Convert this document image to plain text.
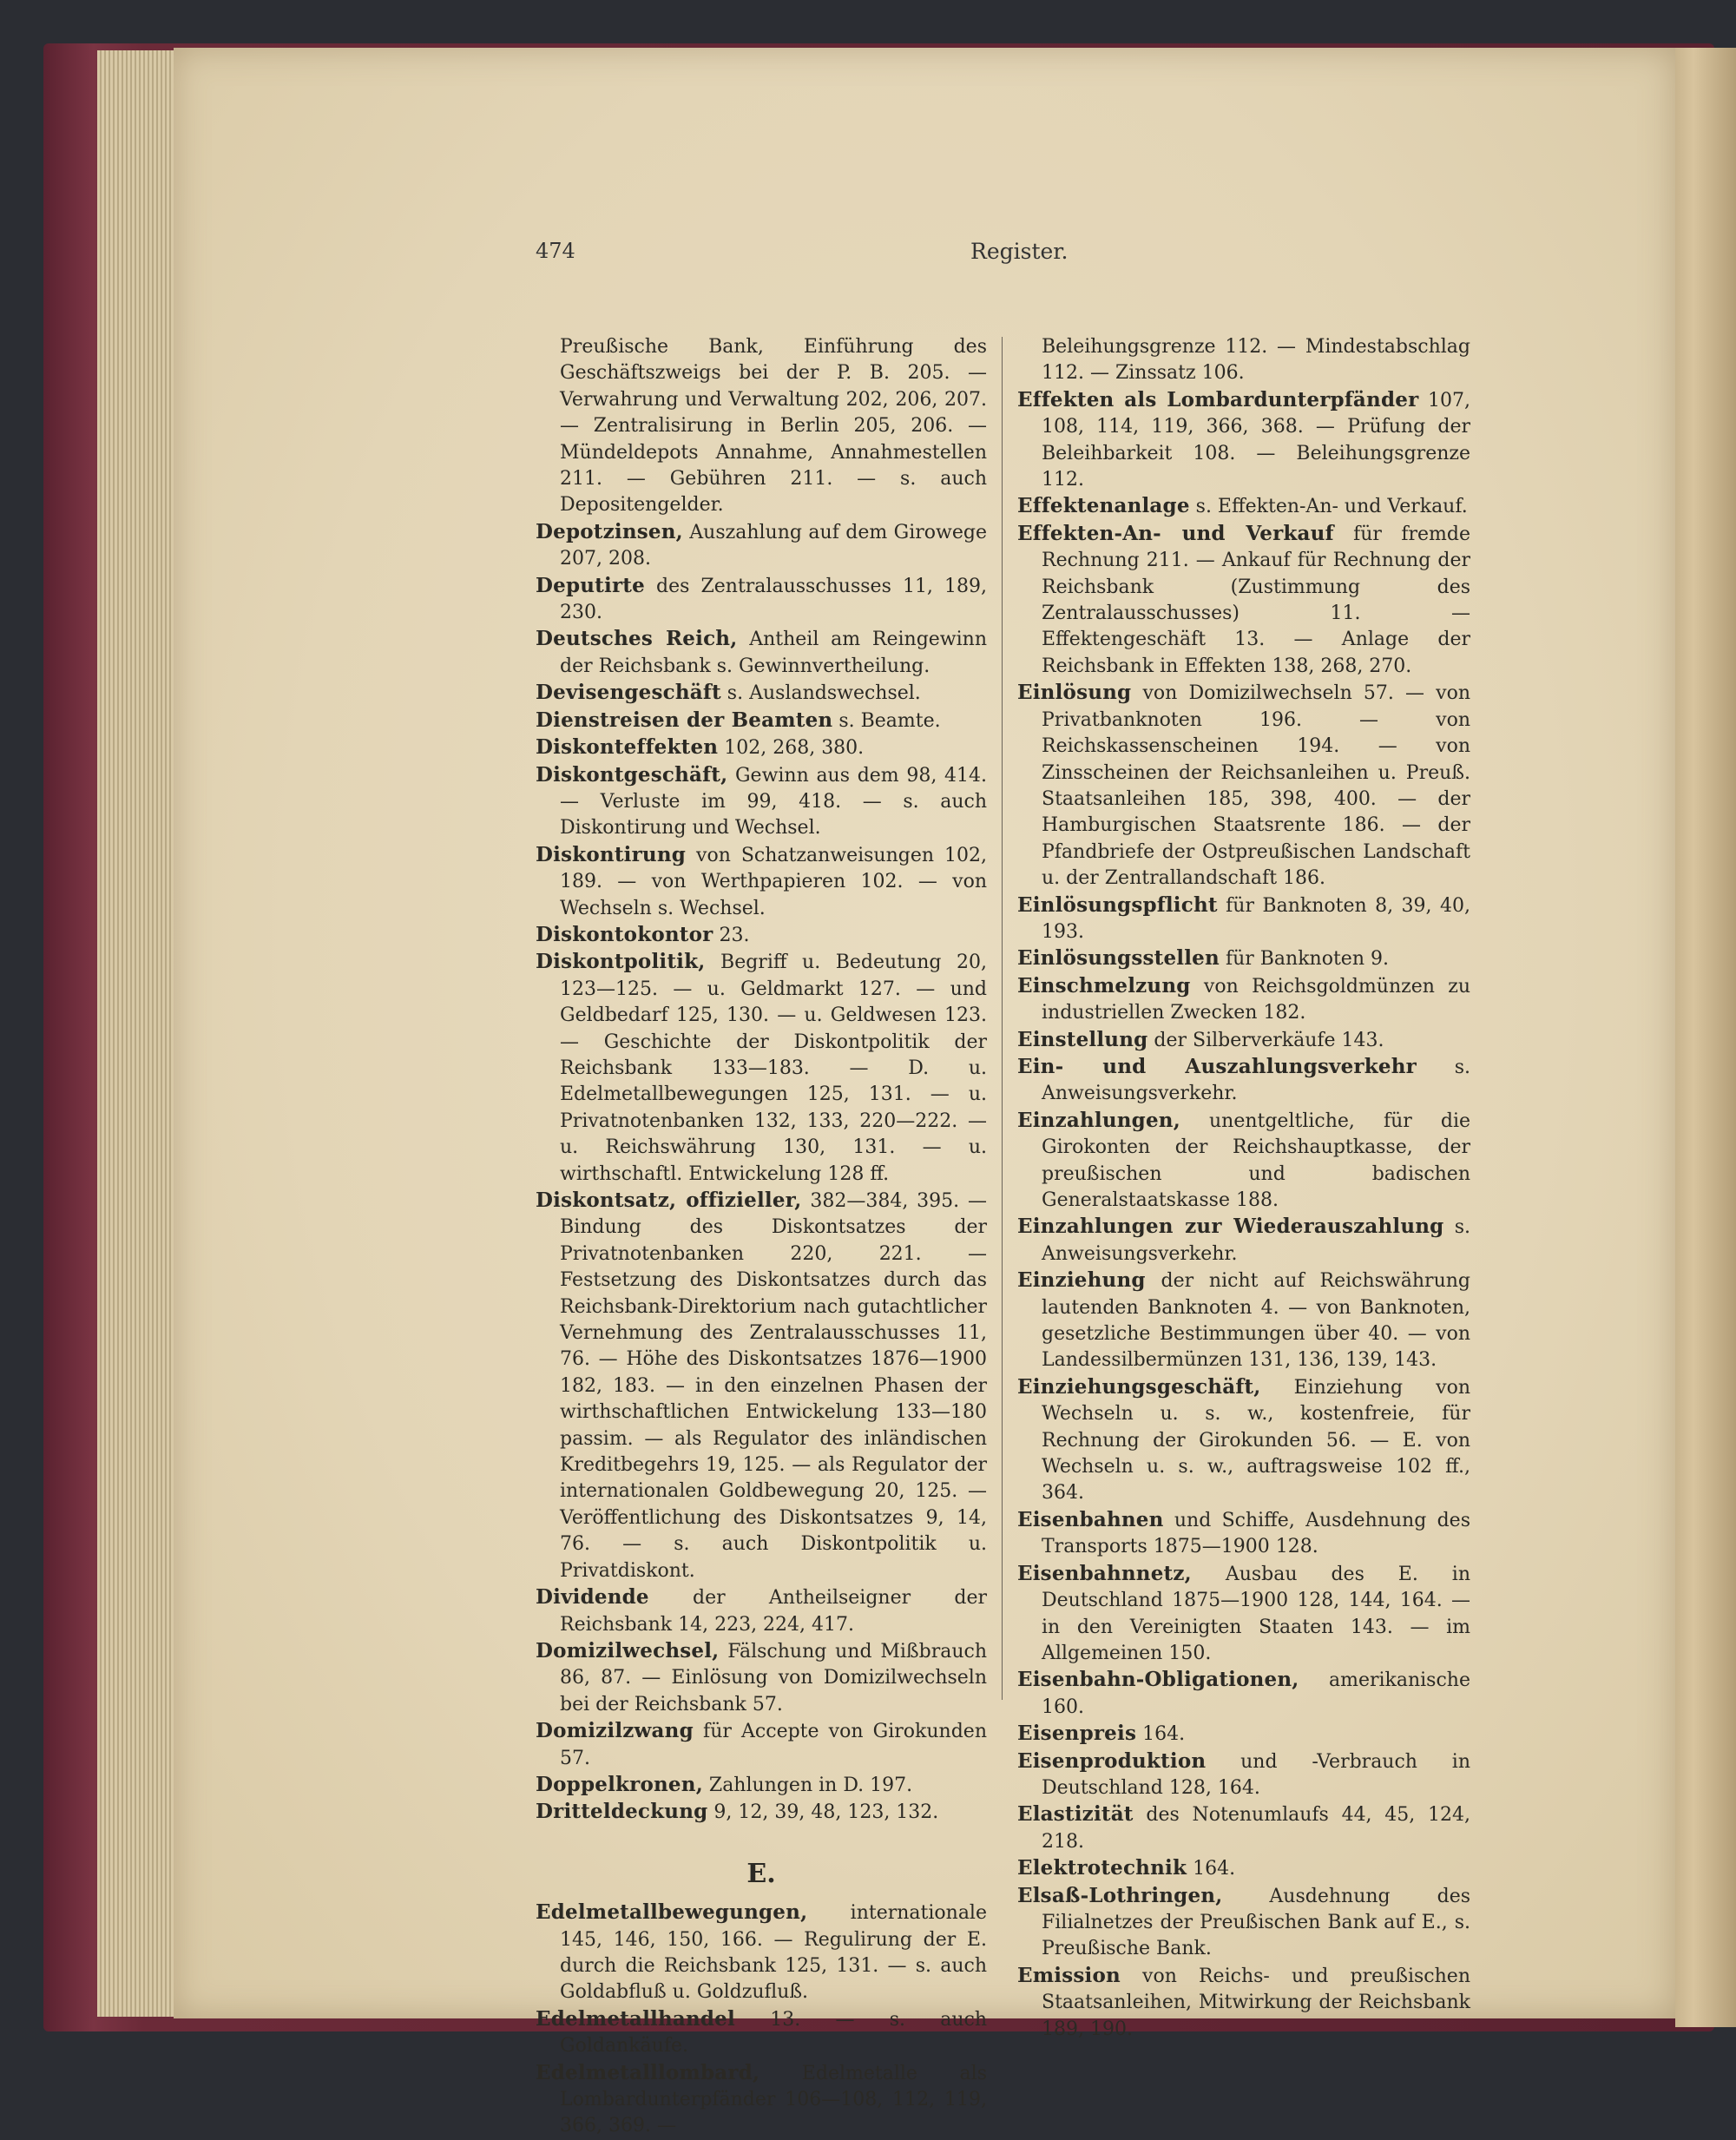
474	Register.

Preußische Bank, Einführung des Geschäftszweigs bei der P. B. 205. — Verwahrung und Verwaltung 202, 206, 207. — Zentralisirung in Berlin 205, 206. — Mündeldepots Annahme, Annahmestellen 211. — Gebühren 211. — s. auch Depositengelder.

Depotzinsen, Auszahlung auf dem Girowege 207, 208.

Deputirte des Zentralausschusses 11, 189, 230.

Deutsches Reich, Antheil am Reingewinn der Reichsbank s. Gewinnvertheilung.

Devisengeschäft s. Auslandswechsel.

Dienstreisen der Beamten s. Beamte.

Diskonteffekten 102, 268, 380.

Diskontgeschäft, Gewinn aus dem 98, 414. — Verluste im 99, 418. — s. auch Diskontirung und Wechsel.

Diskontirung von Schatzanweisungen 102, 189. — von Werthpapieren 102. — von Wechseln s. Wechsel.

Diskontokontor 23.

Diskontpolitik, Begriff u. Bedeutung 20, 123—125. — u. Geldmarkt 127. — und Geldbedarf 125, 130. — u. Geldwesen 123. — Geschichte der Diskontpolitik der Reichsbank 133—183. — D. u. Edelmetallbewegungen 125, 131. — u. Privatnotenbanken 132, 133, 220—222. — u. Reichswährung 130, 131. — u. wirthschaftl. Entwickelung 128 ff.

Diskontsatz, offizieller, 382—384, 395. — Bindung des Diskontsatzes der Privatnotenbanken 220, 221. — Festsetzung des Diskontsatzes durch das Reichsbank-Direktorium nach gutachtlicher Vernehmung des Zentralausschusses 11, 76. — Höhe des Diskontsatzes 1876—1900 182, 183. — in den einzelnen Phasen der wirthschaftlichen Entwickelung 133—180 passim. — als Regulator des inländischen Kreditbegehrs 19, 125. — als Regulator der internationalen Goldbewegung 20, 125. — Veröffentlichung des Diskontsatzes 9, 14, 76. — s. auch Diskontpolitik u. Privatdiskont.

Dividende der Antheilseigner der Reichsbank 14, 223, 224, 417.

Domizilwechsel, Fälschung und Mißbrauch 86, 87. — Einlösung von Domizilwechseln bei der Reichsbank 57.

Domizilzwang für Accepte von Girokunden 57.

Doppelkronen, Zahlungen in D. 197.

Dritteldeckung 9, 12, 39, 48, 123, 132.

E.

Edelmetallbewegungen, internationale 145, 146, 150, 166. — Regulirung der E. durch die Reichsbank 125, 131. — s. auch Goldabfluß u. Goldzufluß.

Edelmetallhandel 13. — s. auch Goldankäufe.

Edelmetalllombard, Edelmetalle als Lombardunterpfänder 106—108, 112, 119, 366, 369. —

Beleihungsgrenze 112. — Mindestabschlag 112. — Zinssatz 106.

Effekten als Lombardunterpfänder 107, 108, 114, 119, 366, 368. — Prüfung der Beleihbarkeit 108. — Beleihungsgrenze 112.

Effektenanlage s. Effekten-An- und Verkauf.

Effekten-An- und Verkauf für fremde Rechnung 211. — Ankauf für Rechnung der Reichsbank (Zustimmung des Zentralausschusses) 11. — Effektengeschäft 13. — Anlage der Reichsbank in Effekten 138, 268, 270.

Einlösung von Domizilwechseln 57. — von Privatbanknoten 196. — von Reichskassenscheinen 194. — von Zinsscheinen der Reichsanleihen u. Preuß. Staatsanleihen 185, 398, 400. — der Hamburgischen Staatsrente 186. — der Pfandbriefe der Ostpreußischen Landschaft u. der Zentrallandschaft 186.

Einlösungspflicht für Banknoten 8, 39, 40, 193.

Einlösungsstellen für Banknoten 9.

Einschmelzung von Reichsgoldmünzen zu industriellen Zwecken 182.

Einstellung der Silberverkäufe 143.

Ein- und Auszahlungsverkehr s. Anweisungsverkehr.

Einzahlungen, unentgeltliche, für die Girokonten der Reichshauptkasse, der preußischen und badischen Generalstaatskasse 188.

Einzahlungen zur Wiederauszahlung s. Anweisungsverkehr.

Einziehung der nicht auf Reichswährung lautenden Banknoten 4. — von Banknoten, gesetzliche Bestimmungen über 40. — von Landessilbermünzen 131, 136, 139, 143.

Einziehungsgeschäft, Einziehung von Wechseln u. s. w., kostenfreie, für Rechnung der Girokunden 56. — E. von Wechseln u. s. w., auftragsweise 102 ff., 364.

Eisenbahnen und Schiffe, Ausdehnung des Transports 1875—1900 128.

Eisenbahnnetz, Ausbau des E. in Deutschland 1875—1900 128, 144, 164. — in den Vereinigten Staaten 143. — im Allgemeinen 150.

Eisenbahn-Obligationen, amerikanische 160.

Eisenpreis 164.

Eisenproduktion und -Verbrauch in Deutschland 128, 164.

Elastizität des Notenumlaufs 44, 45, 124, 218.

Elektrotechnik 164.

Elsaß-Lothringen, Ausdehnung des Filialnetzes der Preußischen Bank auf E., s. Preußische Bank.

Emission von Reichs- und preußischen Staatsanleihen, Mitwirkung der Reichsbank 189, 190.
